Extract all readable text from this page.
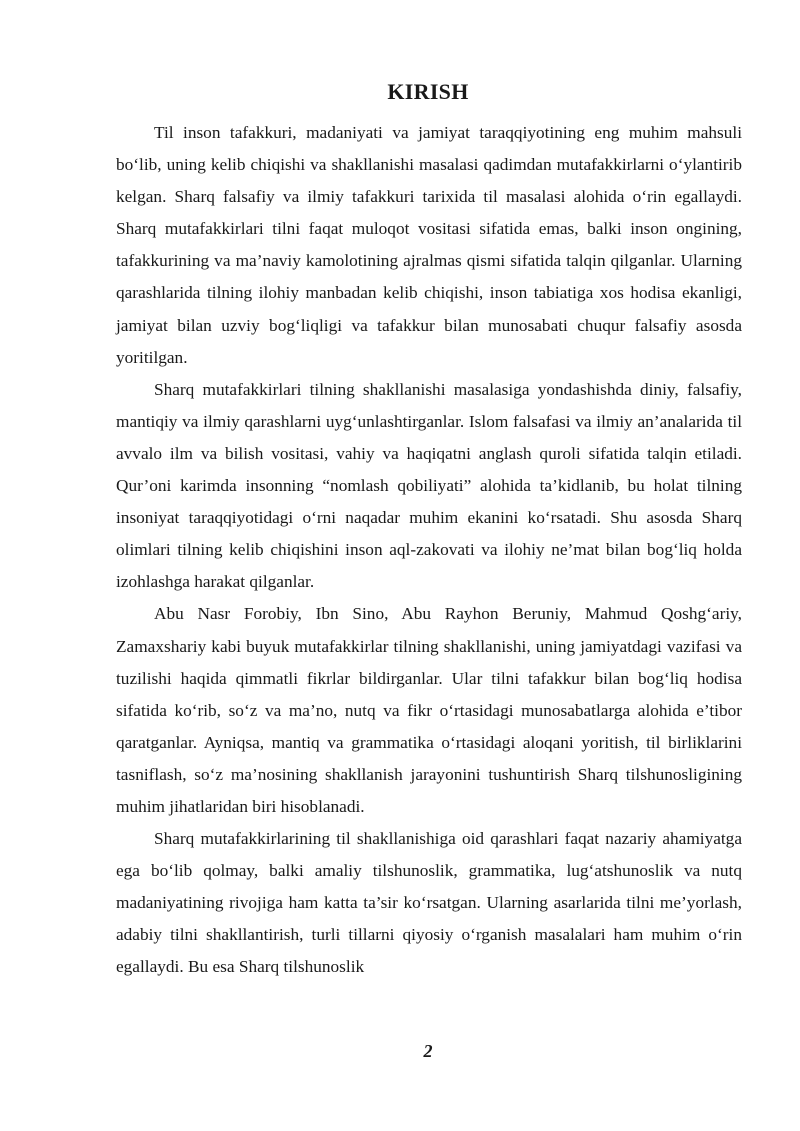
KIRISH

Til inson tafakkuri, madaniyati va jamiyat taraqqiyotining eng muhim mahsuli bo‘lib, uning kelib chiqishi va shakllanishi masalasi qadimdan mutafakkirlarni o‘ylantirib kelgan. Sharq falsafiy va ilmiy tafakkuri tarixida til masalasi alohida o‘rin egallaydi. Sharq mutafakkirlari tilni faqat muloqot vositasi sifatida emas, balki inson ongining, tafakkurining va ma’naviy kamolotining ajralmas qismi sifatida talqin qilganlar. Ularning qarashlarida tilning ilohiy manbadan kelib chiqishi, inson tabiatiga xos hodisa ekanligi, jamiyat bilan uzviy bog‘liqligi va tafakkur bilan munosabati chuqur falsafiy asosda yoritilgan.

Sharq mutafakkirlari tilning shakllanishi masalasiga yondashishda diniy, falsafiy, mantiqiy va ilmiy qarashlarni uyg‘unlashtirganlar. Islom falsafasi va ilmiy an’analarida til avvalo ilm va bilish vositasi, vahiy va haqiqatni anglash quroli sifatida talqin etiladi. Qur’oni karimda insonning “nomlash qobiliyati” alohida ta’kidlanib, bu holat tilning insoniyat taraqqiyotidagi o‘rni naqadar muhim ekanini ko‘rsatadi. Shu asosda Sharq olimlari tilning kelib chiqishini inson aql-zakovati va ilohiy ne’mat bilan bog‘liq holda izohlashga harakat qilganlar.

Abu Nasr Forobiy, Ibn Sino, Abu Rayhon Beruniy, Mahmud Qoshg‘ariy, Zamaxshariy kabi buyuk mutafakkirlar tilning shakllanishi, uning jamiyatdagi vazifasi va tuzilishi haqida qimmatli fikrlar bildirganlar. Ular tilni tafakkur bilan bog‘liq hodisa sifatida ko‘rib, so‘z va ma’no, nutq va fikr o‘rtasidagi munosabatlarga alohida e’tibor qaratganlar. Ayniqsa, mantiq va grammatika o‘rtasidagi aloqani yoritish, til birliklarini tasniflash, so‘z ma’nosining shakllanish jarayonini tushuntirish Sharq tilshunosligining muhim jihatlaridan biri hisoblanadi.

Sharq mutafakkirlarining til shakllanishiga oid qarashlari faqat nazariy ahamiyatga ega bo‘lib qolmay, balki amaliy tilshunoslik, grammatika, lug‘atshunoslik va nutq madaniyatining rivojiga ham katta ta’sir ko‘rsatgan. Ularning asarlarida tilni me’yorlash, adabiy tilni shakllantirish, turli tillarni qiyosiy o‘rganish masalalari ham muhim o‘rin egallaydi. Bu esa Sharq tilshunoslik

2
